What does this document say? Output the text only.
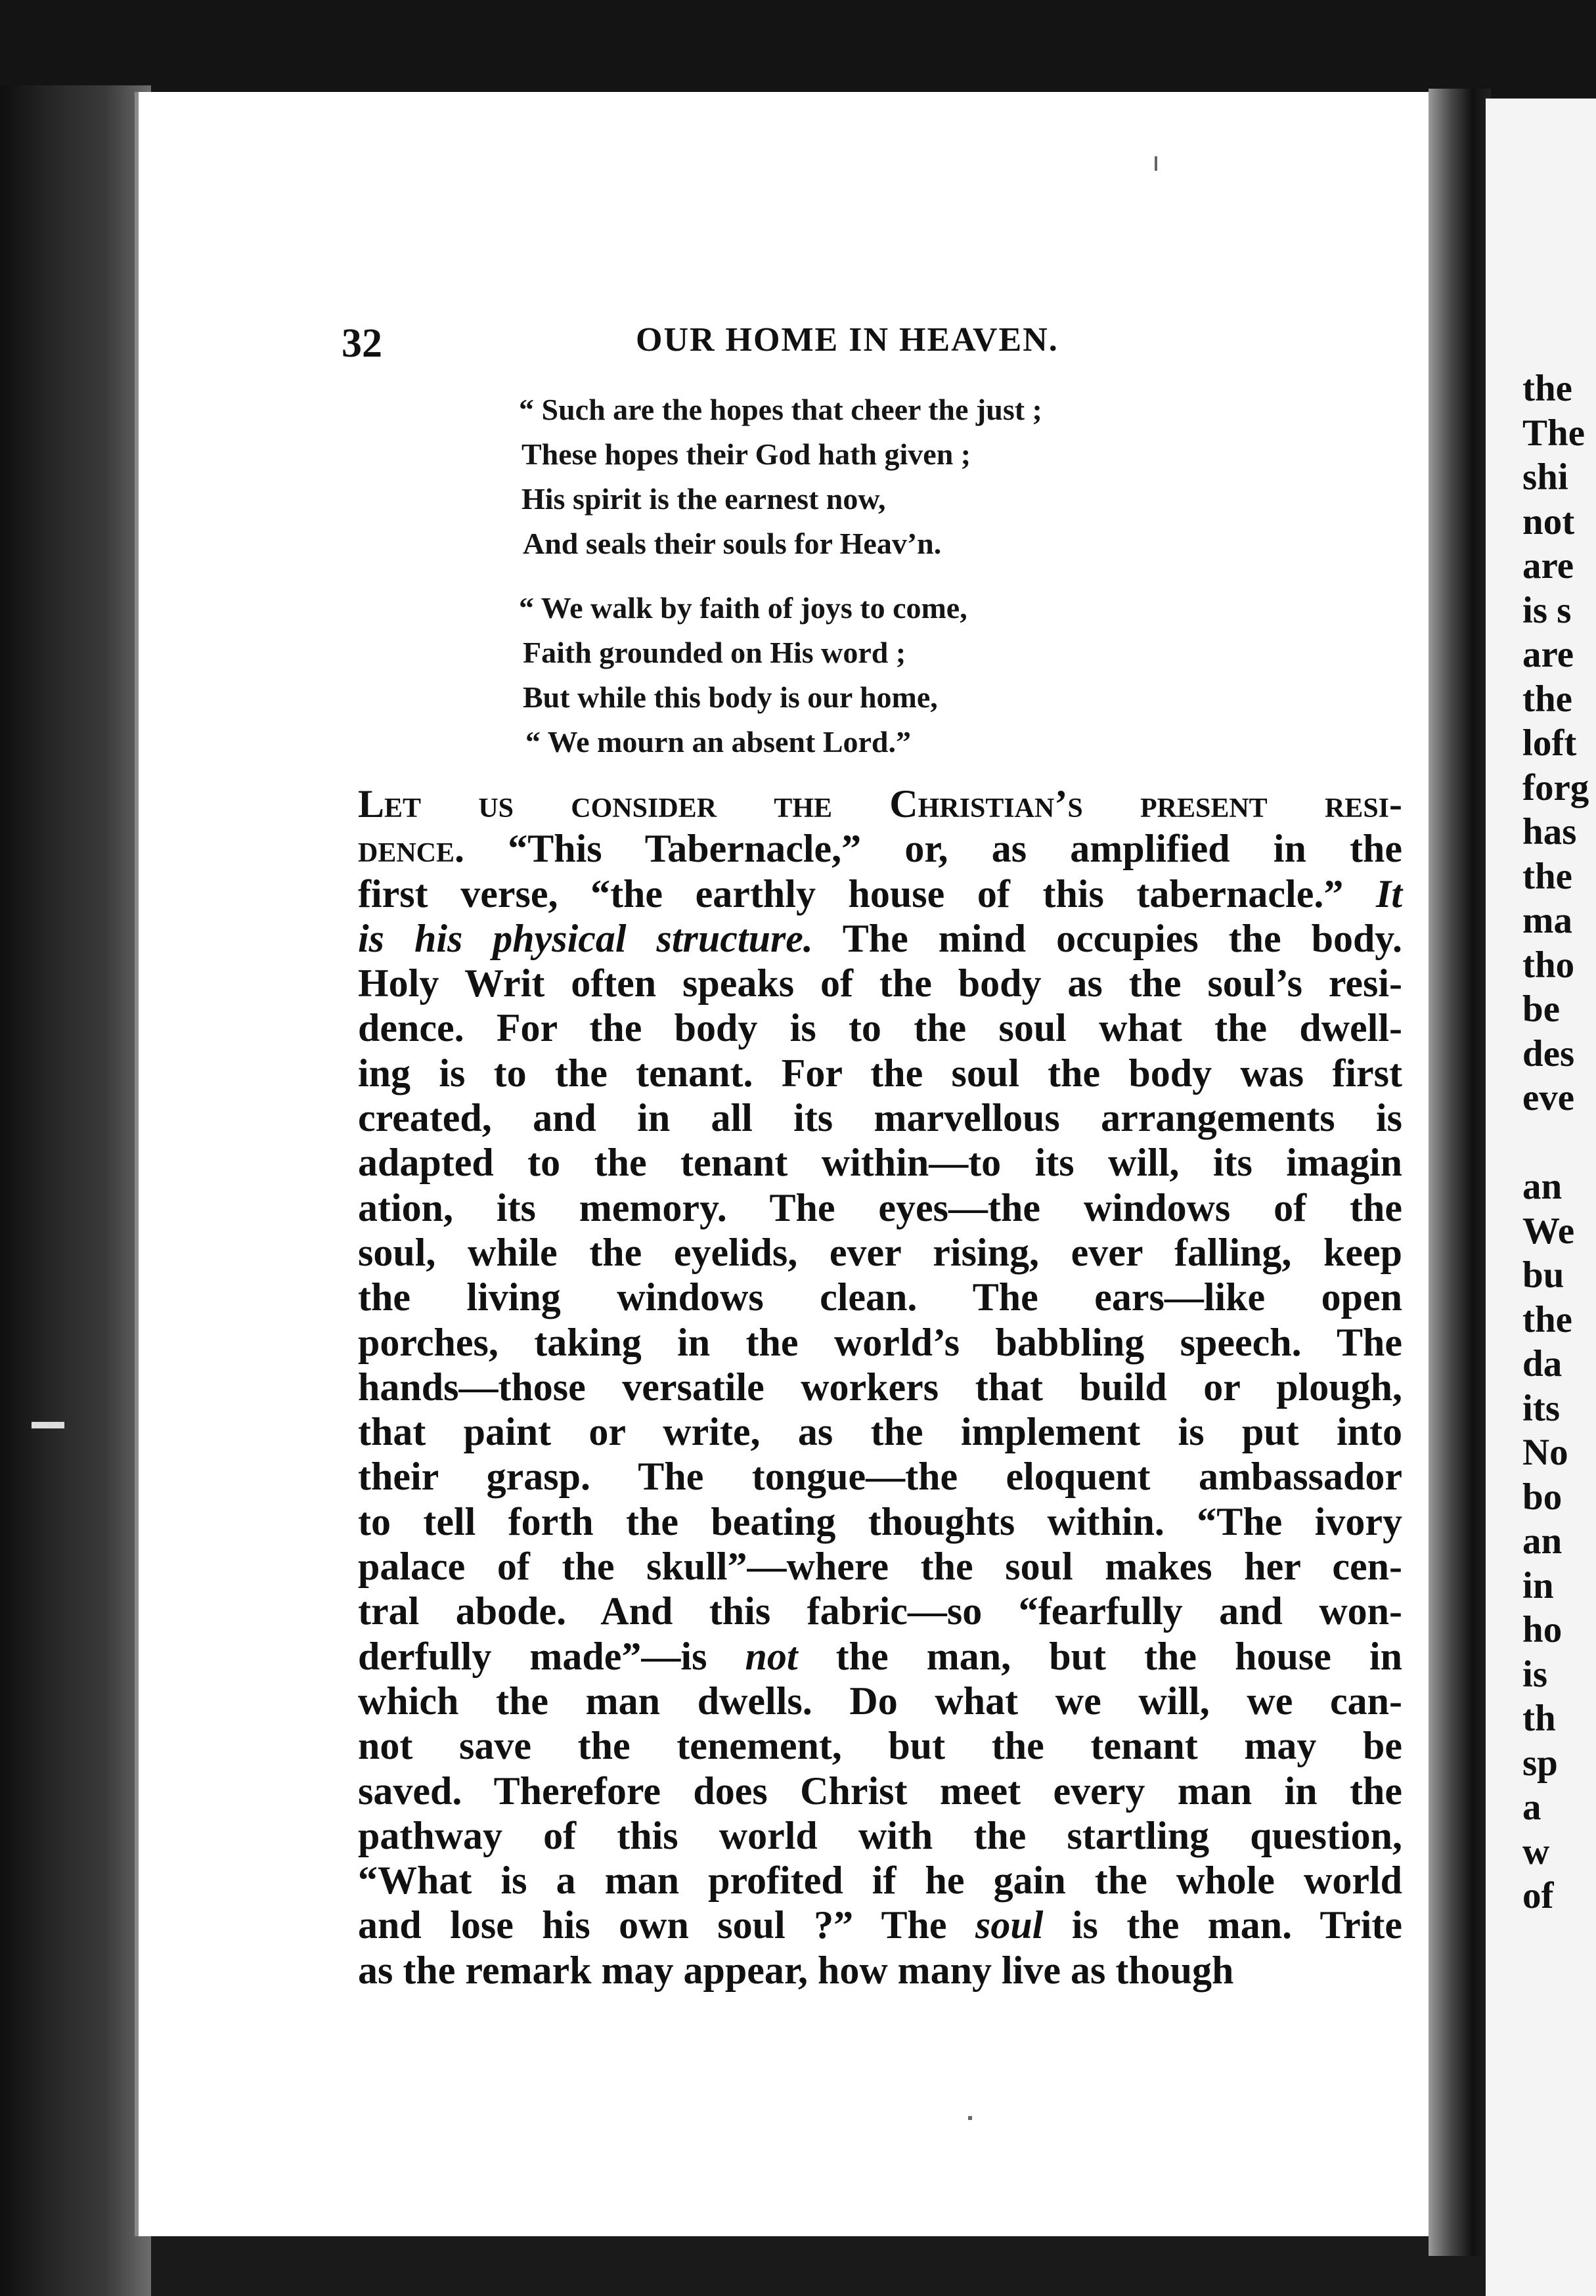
32	OUR HOME IN HEAVEN.
“ Such are the hopes that cheer the just ;
These hopes their God hath given ;
His spirit is the earnest now,
And seals their souls for Heav’n.
“ We walk by faith of joys to come,
Faith grounded on His word ;
But while this body is our home,
“ We mourn an absent Lord.”
Let us consider the Christian’s present resi-
dence. “This Tabernacle,” or, as amplified in the
first verse, “the earthly house of this tabernacle.” It
is his physical structure. The mind occupies the body.
Holy Writ often speaks of the body as the soul’s resi-
dence. For the body is to the soul what the dwell-
ing is to the tenant. For the soul the body was first
created, and in all its marvellous arrangements is
adapted to the tenant within—to its will, its imagin
ation, its memory. The eyes—the windows of the
soul, while the eyelids, ever rising, ever falling, keep
the living windows clean. The ears—like open
porches, taking in the world’s babbling speech. The
hands—those versatile workers that build or plough,
that paint or write, as the implement is put into
their grasp. The tongue—the eloquent ambassador
to tell forth the beating thoughts within. “The ivory
palace of the skull”—where the soul makes her cen-
tral abode. And this fabric—so “fearfully and won-
derfully made”—is not the man, but the house in
which the man dwells. Do what we will, we can-
not save the tenement, but the tenant may be
saved. Therefore does Christ meet every man in the
pathway of this world with the startling question,
“What is a man profited if he gain the whole world
and lose his own soul ?” The soul is the man. Trite
as the remark may appear, how many live as though
the
The
shi
not
are
is s
are
the
loft
forg
has
the
ma
tho
be
des
eve
an
We
bu
the
da
its
No
bo
an
in
ho
is
th
sp
a
w
of
